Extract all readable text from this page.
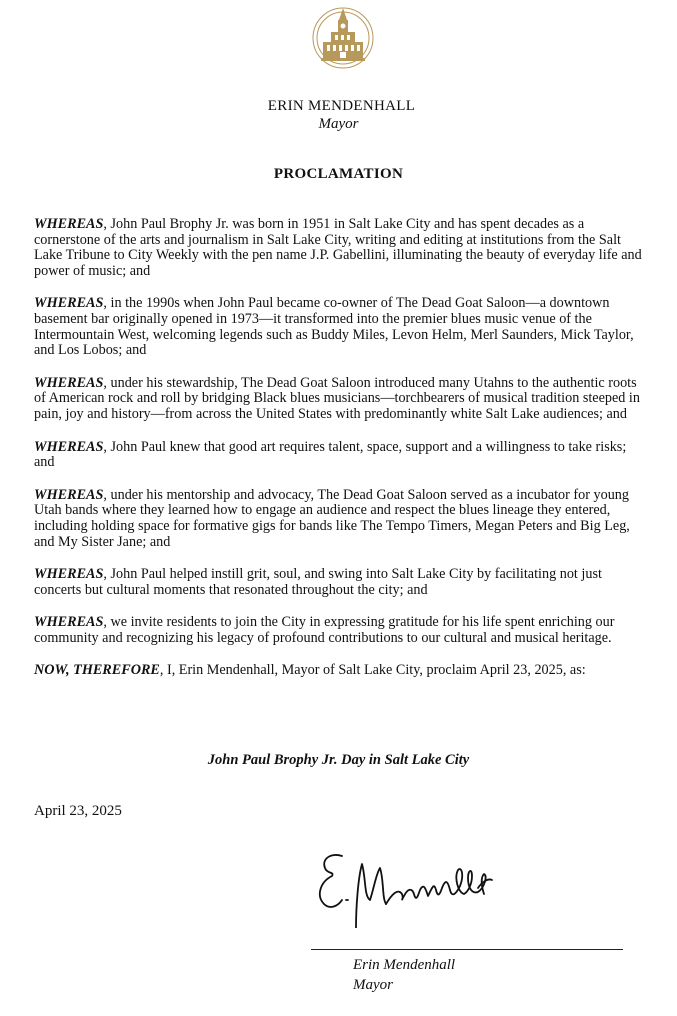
ERIN MENDENHALL
Mayor
PROCLAMATION

WHEREAS, John Paul Brophy Jr. was born in 1951 in Salt Lake City and has spent decades as a cornerstone of the arts and journalism in Salt Lake City, writing and editing at institutions from the Salt Lake Tribune to City Weekly with the pen name J.P. Gabellini, illuminating the beauty of everyday life and power of music; and

WHEREAS, in the 1990s when John Paul became co-owner of The Dead Goat Saloon—a downtown basement bar originally opened in 1973—it transformed into the premier blues music venue of the Intermountain West, welcoming legends such as Buddy Miles, Levon Helm, Merl Saunders, Mick Taylor, and Los Lobos; and

WHEREAS, under his stewardship, The Dead Goat Saloon introduced many Utahns to the authentic roots of American rock and roll by bridging Black blues musicians—torchbearers of musical tradition steeped in pain, joy and history—from across the United States with predominantly white Salt Lake audiences; and

WHEREAS, John Paul knew that good art requires talent, space, support and a willingness to take risks; and

WHEREAS, under his mentorship and advocacy, The Dead Goat Saloon served as a incubator for young Utah bands where they learned how to engage an audience and respect the blues lineage they entered, including holding space for formative gigs for bands like The Tempo Timers, Megan Peters and Big Leg, and My Sister Jane; and

WHEREAS, John Paul helped instill grit, soul, and swing into Salt Lake City by facilitating not just concerts but cultural moments that resonated throughout the city; and

WHEREAS, we invite residents to join the City in expressing gratitude for his life spent enriching our community and recognizing his legacy of profound contributions to our cultural and musical heritage.

NOW, THEREFORE, I, Erin Mendenhall, Mayor of Salt Lake City, proclaim April 23, 2025, as:

John Paul Brophy Jr. Day in Salt Lake City
April 23, 2025
Erin Mendenhall
Mayor
